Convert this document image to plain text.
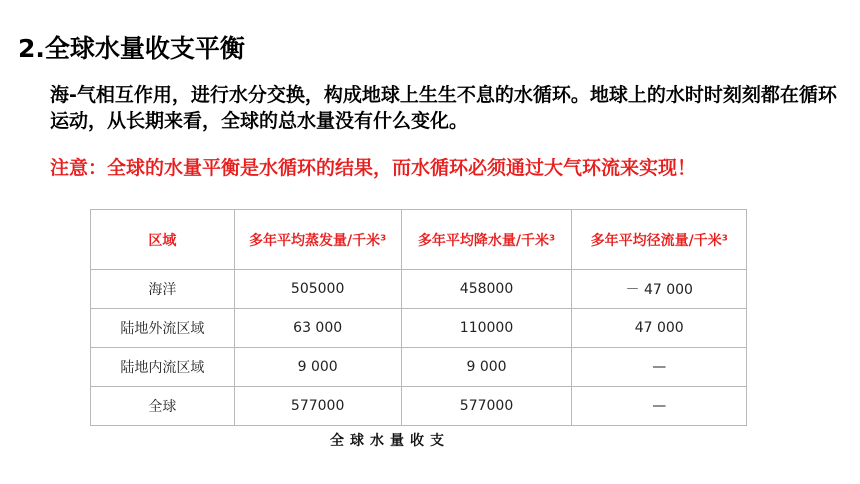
2.全球水量收支平衡
海-气相互作用，进行水分交换，构成地球上生生不息的水循环。地球上的水时时刻刻都在循环运动，从长期来看，全球的总水量没有什么变化。
注意：全球的水量平衡是水循环的结果，而水循环必须通过大气环流来实现！
区域	多年平均蒸发量/千米³	多年平均降水量/千米³	多年平均径流量/千米³
海洋	505000	458000	－ 47 000
陆地外流区域	63 000	110000	47 000
陆地内流区域	9 000	9 000	—
全球	577000	577000	—
全球水量收支
